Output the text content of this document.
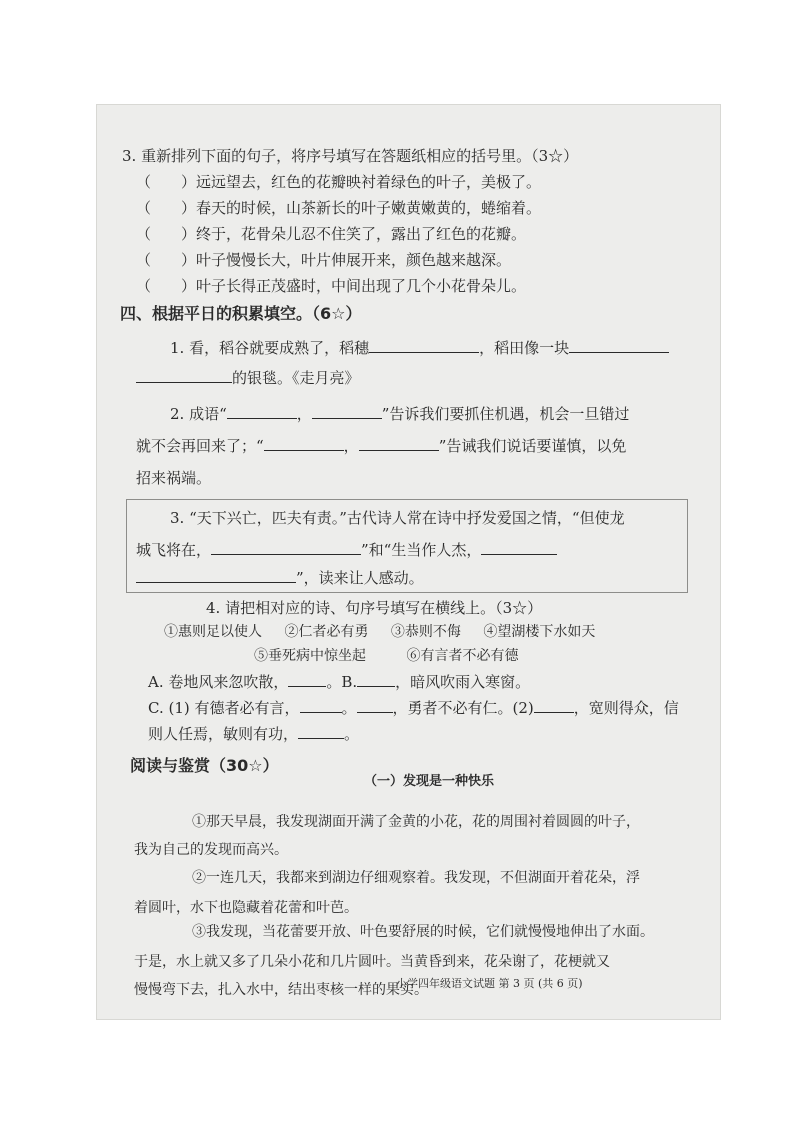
3. 重新排列下面的句子，将序号填写在答题纸相应的括号里。（3☆）
（　　）远远望去，红色的花瓣映衬着绿色的叶子，美极了。
（　　）春天的时候，山茶新长的叶子嫩黄嫩黄的，蜷缩着。
（　　）终于，花骨朵儿忍不住笑了，露出了红色的花瓣。
（　　）叶子慢慢长大，叶片伸展开来，颜色越来越深。
（　　）叶子长得正茂盛时，中间出现了几个小花骨朵儿。
四、根据平日的积累填空。（6☆）
1. 看，稻谷就要成熟了，稻穗	，稻田像一块
的银毯。《走月亮》
2. 成语“	，	”告诉我们要抓住机遇，机会一旦错过
就不会再回来了；“	，	”告诫我们说话要谨慎，以免
招来祸端。
3. “天下兴亡，匹夫有责。”古代诗人常在诗中抒发爱国之情，“但使龙
城飞将在，	”和“生当作人杰，
”，读来让人感动。
4. 请把相对应的诗、句序号填写在横线上。（3☆）
①惠则足以使人 ②仁者必有勇 ③恭则不侮 ④望湖楼下水如天
⑤垂死病中惊坐起	⑥有言者不必有德
A. 卷地风来忽吹散，	。B.	，暗风吹雨入寒窗。
C. (1) 有德者必有言，	。 ，勇者不必有仁。(2)	，宽则得众，信
则人任焉，敏则有功，	。
阅读与鉴赏（30☆）
（一）发现是一种快乐
①那天早晨，我发现湖面开满了金黄的小花，花的周围衬着圆圆的叶子，
我为自己的发现而高兴。
②一连几天，我都来到湖边仔细观察着。我发现，不但湖面开着花朵，浮
着圆叶，水下也隐藏着花蕾和叶芭。
③我发现，当花蕾要开放、叶色要舒展的时候，它们就慢慢地伸出了水面。
于是，水上就又多了几朵小花和几片圆叶。当黄昏到来，花朵谢了，花梗就又
慢慢弯下去，扎入水中，结出枣核一样的果实。
小学四年级语文试题 第 3 页 (共 6 页)
